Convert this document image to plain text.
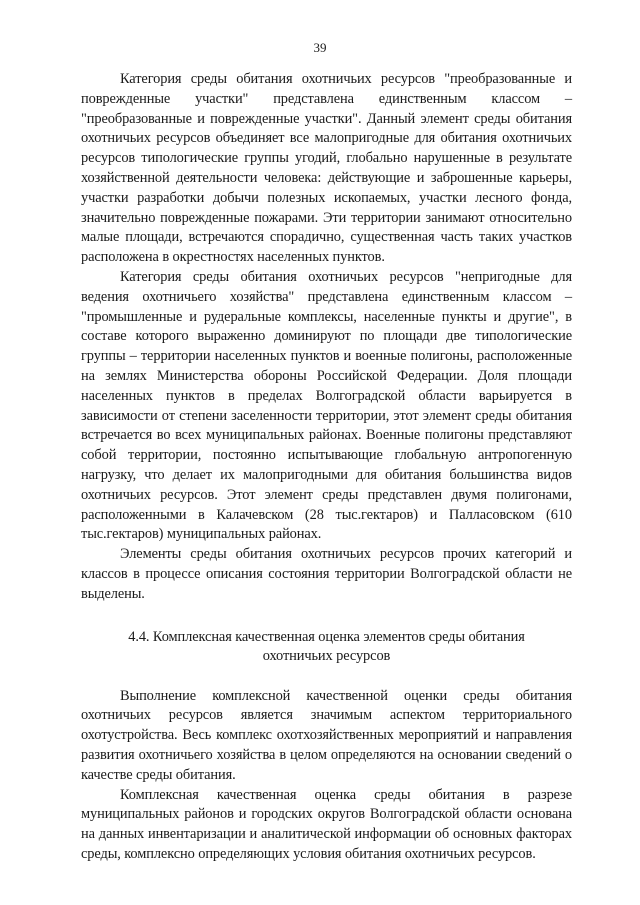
39

Категория среды обитания охотничьих ресурсов "преобразованные и поврежденные участки" представлена единственным классом – "преобразованные и поврежденные участки". Данный элемент среды обитания охотничьих ресурсов объединяет все малопригодные для обитания охотничьих ресурсов типологические группы угодий, глобально нарушенные в результате хозяйственной деятельности человека: действующие и заброшенные карьеры, участки разработки добычи полезных ископаемых, участки лесного фонда, значительно поврежденные пожарами. Эти территории занимают относительно малые площади, встречаются спорадично, существенная часть таких участков расположена в окрестностях населенных пунктов.

Категория среды обитания охотничьих ресурсов "непригодные для ведения охотничьего хозяйства" представлена единственным классом – "промышленные и рудеральные комплексы, населенные пункты и другие", в составе которого выраженно доминируют по площади две типологические группы – территории населенных пунктов и военные полигоны, расположенные на землях Министерства обороны Российской Федерации. Доля площади населенных пунктов в пределах Волгоградской области варьируется в зависимости от степени заселенности территории, этот элемент среды обитания встречается во всех муниципальных районах. Военные полигоны представляют собой территории, постоянно испытывающие глобальную антропогенную нагрузку, что делает их малопригодными для обитания большинства видов охотничьих ресурсов. Этот элемент среды представлен двумя полигонами, расположенными в Калачевском (28 тыс.гектаров) и Палласовском (610 тыс.гектаров) муниципальных районах.

Элементы среды обитания охотничьих ресурсов прочих категорий и классов в процессе описания состояния территории Волгоградской области не выделены.

4.4. Комплексная качественная оценка элементов среды обитания
охотничьих ресурсов

Выполнение комплексной качественной оценки среды обитания охотничьих ресурсов является значимым аспектом территориального охотустройства. Весь комплекс охотхозяйственных мероприятий и направления развития охотничьего хозяйства в целом определяются на основании сведений о качестве среды обитания.

Комплексная качественная оценка среды обитания в разрезе муниципальных районов и городских округов Волгоградской области основана на данных инвентаризации и аналитической информации об основных факторах среды, комплексно определяющих условия обитания охотничьих ресурсов.
